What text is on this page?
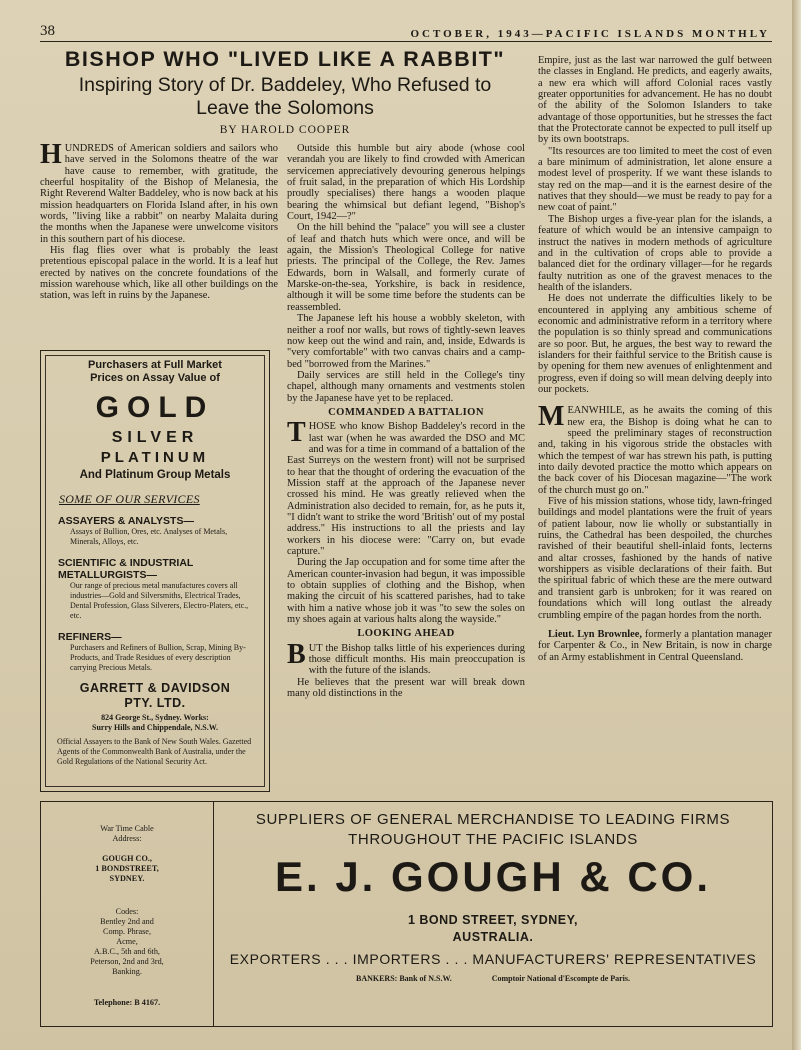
38	OCTOBER, 1943—PACIFIC ISLANDS MONTHLY
BISHOP WHO "LIVED LIKE A RABBIT"
Inspiring Story of Dr. Baddeley, Who Refused to
Leave the Solomons
BY HAROLD COOPER

HUNDREDS of American soldiers and sailors who have served in the Solomons theatre of the war have cause to remember, with gratitude, the cheerful hospitality of the Bishop of Melanesia, the Right Reverend Walter Baddeley, who is now back at his mission headquarters on Florida Island after, in his own words, "living like a rabbit" on nearby Malaita during the months when the Japanese were unwelcome visitors in this southern part of his diocese.

His flag flies over what is probably the least pretentious episcopal palace in the world. It is a leaf hut erected by natives on the concrete foundations of the mission warehouse which, like all other buildings on the station, was left in ruins by the Japanese.

Purchasers at Full Market
Prices on Assay Value of
GOLD
SILVER
PLATINUM
And Platinum Group Metals
SOME OF OUR SERVICES
ASSAYERS & ANALYSTS—
Assays of Bullion, Ores, etc. Analyses of Metals, Minerals, Alloys, etc.
SCIENTIFIC & INDUSTRIAL
METALLURGISTS—
Our range of precious metal manufactures covers all industries—Gold and Silversmiths, Electrical Trades, Dental Profession, Glass Silverers, Electro-Platers, etc., etc.
REFINERS—
Purchasers and Refiners of Bullion, Scrap, Mining By-Products, and Trade Residues of every description carrying Precious Metals.
GARRETT & DAVIDSON
PTY. LTD.
824 George St., Sydney. Works:
Surry Hills and Chippendale, N.S.W.
Official Assayers to the Bank of New South Wales. Gazetted Agents of the Commonwealth Bank of Australia, under the Gold Regulations of the National Security Act.

Outside this humble but airy abode (whose cool verandah you are likely to find crowded with American servicemen appreciatively devouring generous helpings of fruit salad, in the preparation of which His Lordship proudly specialises) there hangs a wooden plaque bearing the whimsical but defiant legend, "Bishop's Court, 1942—?"

On the hill behind the "palace" you will see a cluster of leaf and thatch huts which were once, and will be again, the Mission's Theological College for native priests. The principal of the College, the Rev. James Edwards, born in Walsall, and formerly curate of Marske-on-the-sea, Yorkshire, is back in residence, although it will be some time before the students can be reassembled.

The Japanese left his house a wobbly skeleton, with neither a roof nor walls, but rows of tightly-sewn leaves now keep out the wind and rain, and, inside, Edwards is "very comfortable" with two canvas chairs and a camp-bed "borrowed from the Marines."

Daily services are still held in the College's tiny chapel, although many ornaments and vestments stolen by the Japanese have yet to be replaced.

COMMANDED A BATTALION

THOSE who know Bishop Baddeley's record in the last war (when he was awarded the DSO and MC and was for a time in command of a battalion of the East Surreys on the western front) will not be surprised to hear that the thought of ordering the evacuation of the Mission staff at the approach of the Japanese never crossed his mind. He was greatly relieved when the Administration also decided to remain, for, as he puts it, "I didn't want to strike the word 'British' out of my postal address." His instructions to all the priests and lay workers in his diocese were: "Carry on, but evade capture."

During the Jap occupation and for some time after the American counter-invasion had begun, it was impossible to obtain supplies of clothing and the Bishop, when making the circuit of his scattered parishes, had to take with him a native whose job it was "to sew the soles on my shoes again at various halts along the wayside."

LOOKING AHEAD

BUT the Bishop talks little of his experiences during those difficult months. His main preoccupation is with the future of the islands.

He believes that the present war will break down many old distinctions in the

Empire, just as the last war narrowed the gulf between the classes in England. He predicts, and eagerly awaits, a new era which will afford Colonial races vastly greater opportunities for advancement. He has no doubt of the ability of the Solomon Islanders to take advantage of those opportunities, but he stresses the fact that the Protectorate cannot be expected to pull itself up by its own bootstraps.

"Its resources are too limited to meet the cost of even a bare minimum of administration, let alone ensure a modest level of prosperity. If we want these islands to stay red on the map—and it is the earnest desire of the natives that they should—we must be ready to pay for a new coat of paint."

The Bishop urges a five-year plan for the islands, a feature of which would be an intensive campaign to instruct the natives in modern methods of agriculture and in the cultivation of crops able to provide a balanced diet for the ordinary villager—for he regards faulty nutrition as one of the gravest menaces to the health of the islanders.

He does not underrate the difficulties likely to be encountered in applying any ambitious scheme of economic and administrative reform in a territory where the population is so thinly spread and communications are so poor. But, he argues, the best way to reward the islanders for their faithful service to the British cause is by opening for them new avenues of enlightenment and progress, even if doing so will mean delving deeply into our pockets.

MEANWHILE, as he awaits the coming of this new era, the Bishop is doing what he can to speed the preliminary stages of reconstruction and, taking in his vigorous stride the obstacles with which the tempest of war has strewn his path, is putting into daily devoted practice the motto which appears on the back cover of his Diocesan magazine—"The work of the church must go on."

Five of his mission stations, whose tidy, lawn-fringed buildings and model plantations were the fruit of years of patient labour, now lie wholly or substantially in ruins, the Cathedral has been despoiled, the churches ravished of their beautiful shell-inlaid fonts, lecterns and altar crosses, fashioned by the hands of native worshippers as visible declarations of their faith. But the spiritual fabric of which these are the mere outward and transient garb is unbroken; for it was reared on foundations which will long outlast the already crumbling empire of the pagan hordes from the north.

Lieut. Lyn Brownlee, formerly a plantation manager for Carpenter & Co., in New Britain, is now in charge of an Army establishment in Central Queensland.

War Time Cable
Address:
GOUGH CO.,
1 BONDSTREET,
SYDNEY.
Codes:
Bentley 2nd and
Comp. Phrase,
Acme,
A.B.C., 5th and 6th,
Peterson, 2nd and 3rd,
Banking.
Telephone: B 4167.
SUPPLIERS OF GENERAL MERCHANDISE TO LEADING FIRMS
THROUGHOUT THE PACIFIC ISLANDS
E. J. GOUGH & CO.
1 BOND STREET, SYDNEY,
AUSTRALIA.
EXPORTERS . . . IMPORTERS . . . MANUFACTURERS' REPRESENTATIVES
BANKERS: Bank of N.S.W.	Comptoir National d'Escompte de Paris.
